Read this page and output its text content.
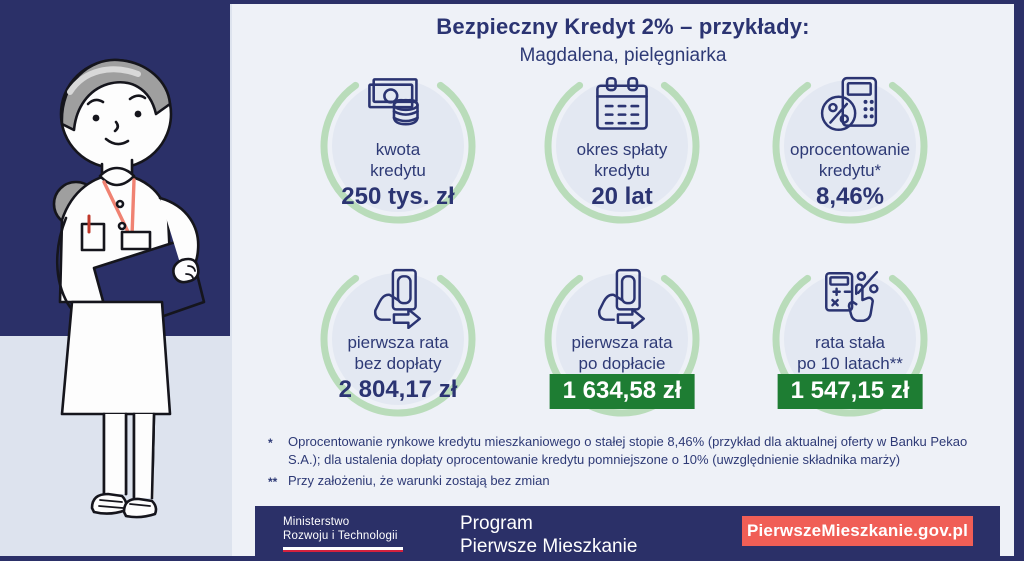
Bezpieczny Kredyt 2% – przykłady:
Magdalena, pielęgniarka
kwota
kredytu
250 tys. zł
okres spłaty
kredytu
20 lat
oprocentowanie
kredytu*
8,46%
pierwsza rata
bez dopłaty
2 804,17 zł
pierwsza rata
po dopłacie
1 634,58 zł
rata stała
po 10 latach**
1 547,15 zł
*	Oprocentowanie rynkowe kredytu mieszkaniowego o stałej stopie 8,46% (przykład dla aktualnej oferty w Banku Pekao S.A.); dla ustalenia dopłaty oprocentowanie kredytu pomniejszone o 10% (uwzględnienie składnika marży)
** Przy założeniu, że warunki zostają bez zmian
Ministerstwo
Rozwoju i Technologii
Program
Pierwsze Mieszkanie
PierwszeMieszkanie.gov.pl
